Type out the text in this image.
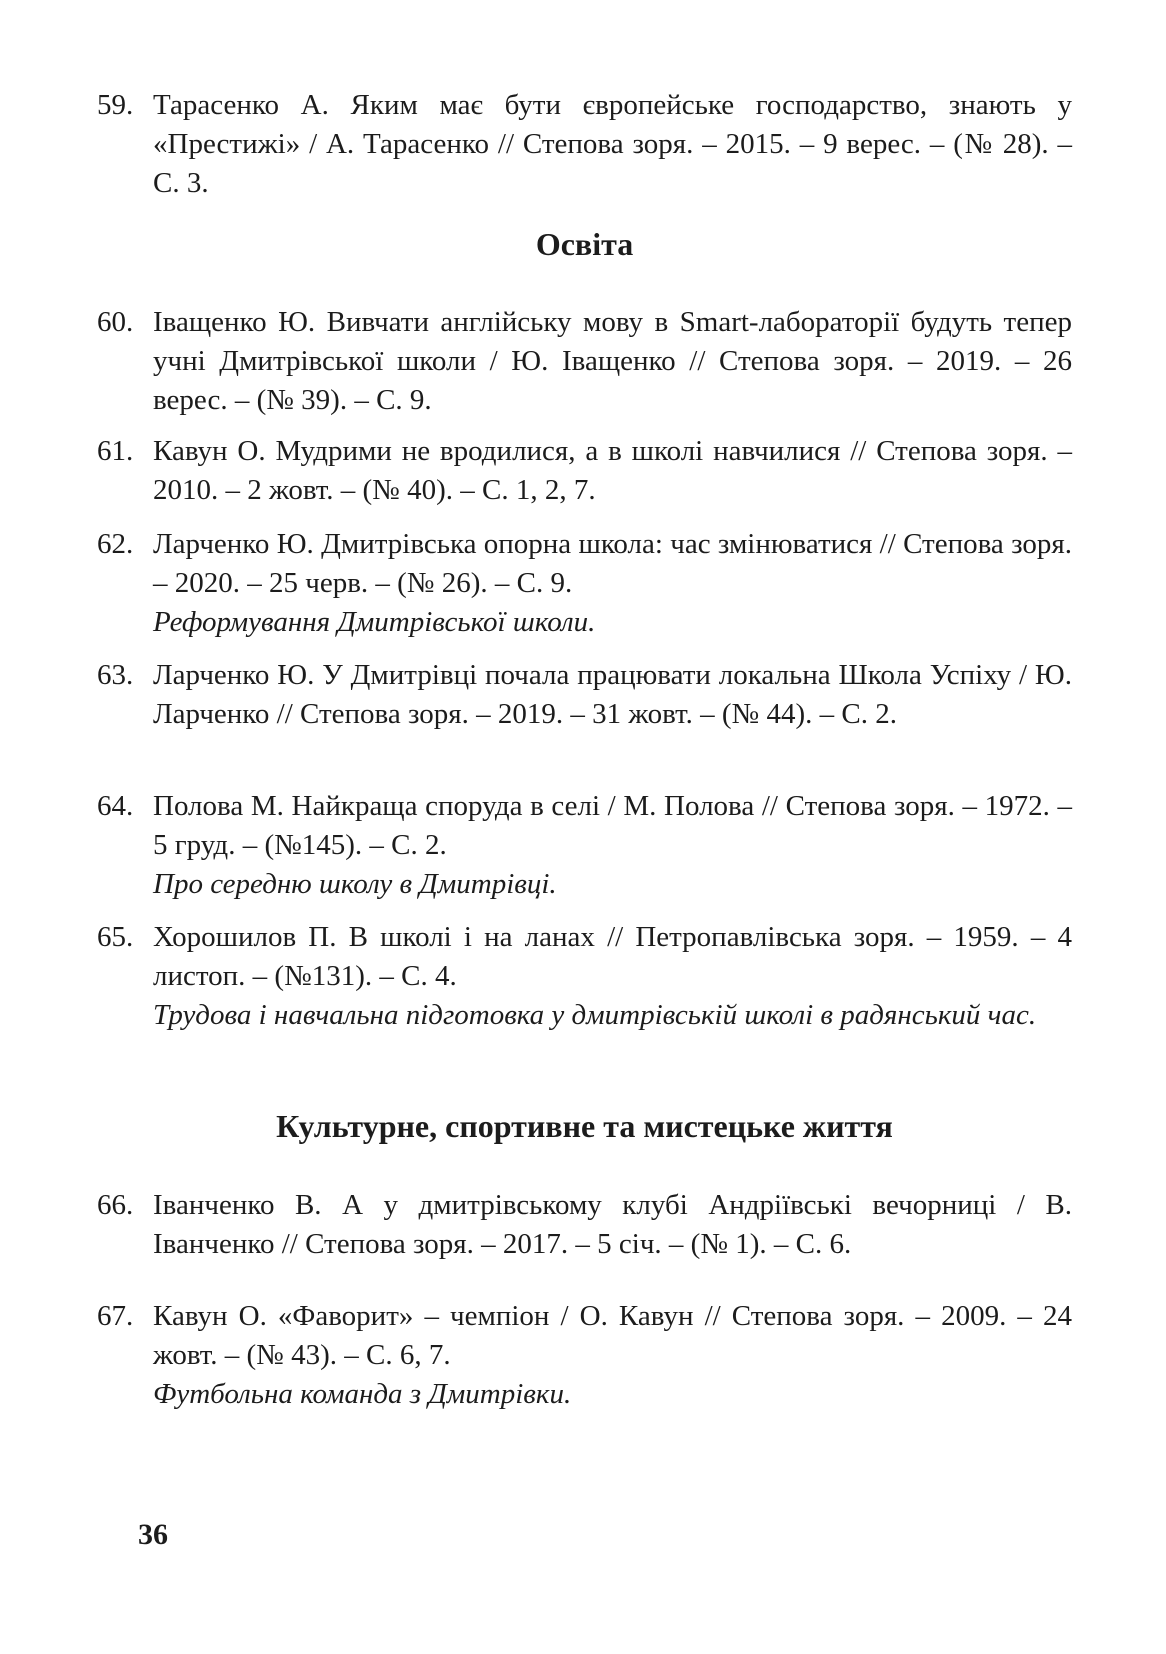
59. Тарасенко А. Яким має бути європейське господарство, знають у «Престижі» / А. Тарасенко // Степова зоря. – 2015. – 9 верес. – (№ 28). – С. 3.
Освіта
60. Іващенко Ю. Вивчати англійську мову в Smart-лабораторії будуть тепер учні Дмитрівської школи / Ю. Іващенко // Степова зоря. – 2019. – 26 верес. – (№ 39). – С. 9.
61. Кавун О. Мудрими не вродилися, а в школі навчилися // Степова зоря. – 2010. – 2 жовт. – (№ 40). – С. 1, 2, 7.
62. Ларченко Ю. Дмитрівська опорна школа: час змінюватися // Степова зоря. – 2020. – 25 черв. – (№ 26). – С. 9.
Реформування Дмитрівської школи.
63. Ларченко Ю. У Дмитрівці почала працювати локальна Школа Успіху / Ю. Ларченко // Степова зоря. – 2019. – 31 жовт. – (№ 44). – С. 2.
64. Полова М. Найкраща споруда в селі / М. Полова // Степова зоря. – 1972. – 5 груд. – (№145). – С. 2.
Про середню школу в Дмитрівці.
65. Хорошилов П. В школі і на ланах // Петропавлівська зоря. – 1959. – 4 листоп. – (№131). – С. 4.
Трудова і навчальна підготовка у дмитрівській школі в радянський час.
Культурне, спортивне та мистецьке життя
66. Іванченко В. А у дмитрівському клубі Андріївські вечорниці / В. Іванченко // Степова зоря. – 2017. – 5 січ. – (№ 1). – С. 6.
67. Кавун О. «Фаворит» – чемпіон / О. Кавун // Степова зоря. – 2009. – 24 жовт. – (№ 43). – С. 6, 7.
Футбольна команда з Дмитрівки.
36
